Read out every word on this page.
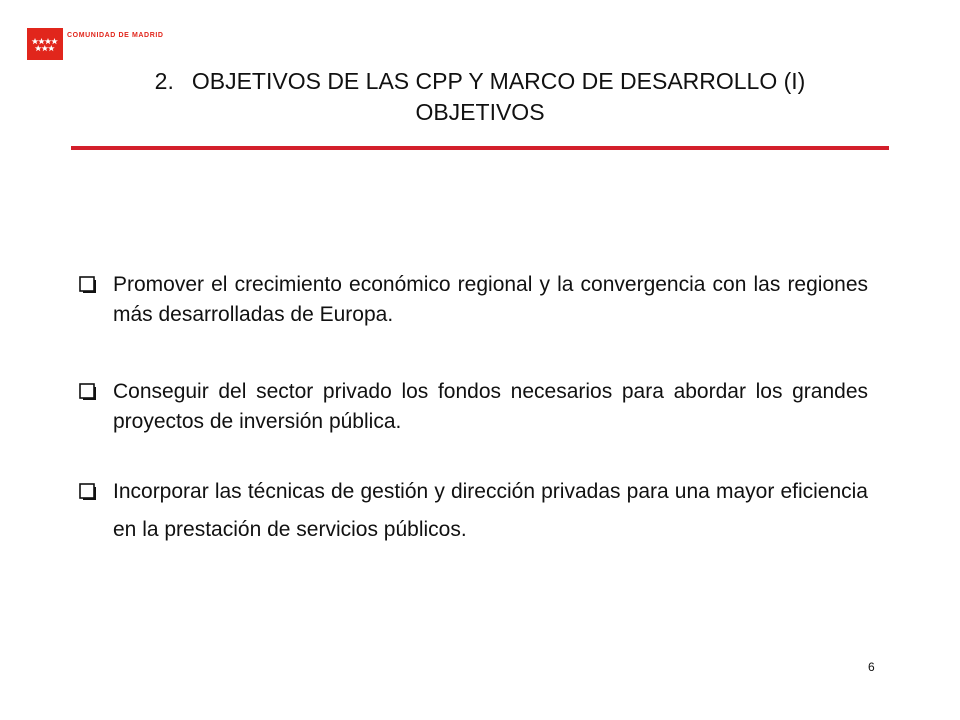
COMUNIDAD DE MADRID
2. OBJETIVOS DE LAS CPP Y MARCO DE DESARROLLO (I)
OBJETIVOS
Promover el crecimiento económico regional y la convergencia con las regiones más desarrolladas de Europa.
Conseguir del sector privado los fondos necesarios para abordar los grandes proyectos de inversión pública.
Incorporar las técnicas de gestión y dirección privadas para una mayor eficiencia en la prestación de servicios públicos.
6
